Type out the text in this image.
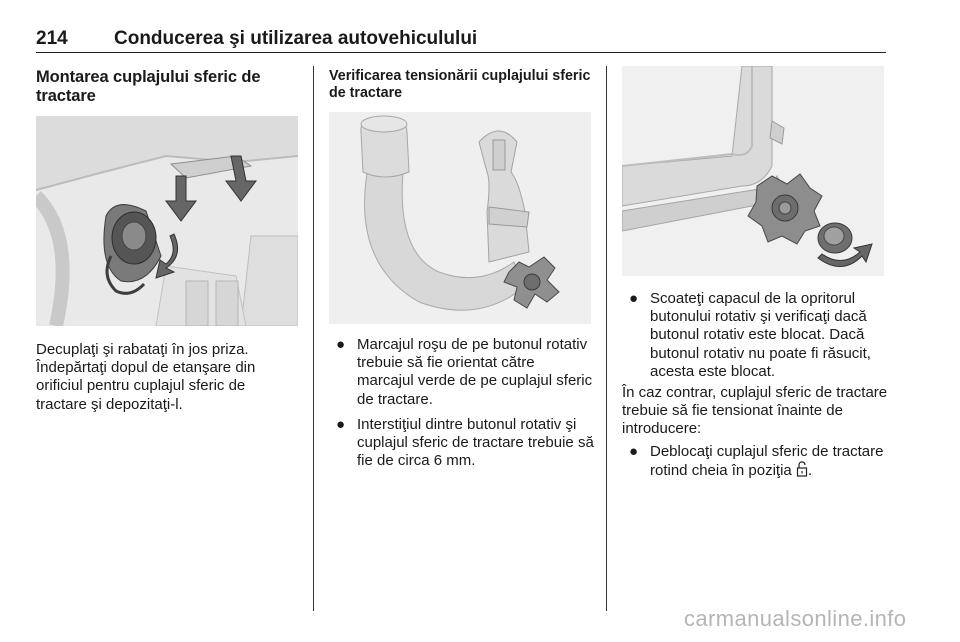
214 Conducerea şi utilizarea autovehiculului
Montarea cuplajului sferic de tractare

Decuplaţi şi rabataţi în jos priza. Îndepărtaţi dopul de etanşare din orificiul pentru cuplajul sferic de tractare şi depozitaţi-l.

Verificarea tensionării cuplajului sferic de tractare
● Marcajul roşu de pe butonul rotativ trebuie să fie orientat către marcajul verde de pe cuplajul sferic de tractare.
● Interstiţiul dintre butonul rotativ şi cuplajul sferic de tractare trebuie să fie de circa 6 mm.
● Scoateţi capacul de la opritorul butonului rotativ şi verificaţi dacă butonul rotativ este blocat. Dacă butonul rotativ nu poate fi răsucit, acesta este blocat.

În caz contrar, cuplajul sferic de tractare trebuie să fie tensionat înainte de introducere:

● Deblocaţi cuplajul sferic de tractare rotind cheia în poziţia .
carmanualsonline.info
